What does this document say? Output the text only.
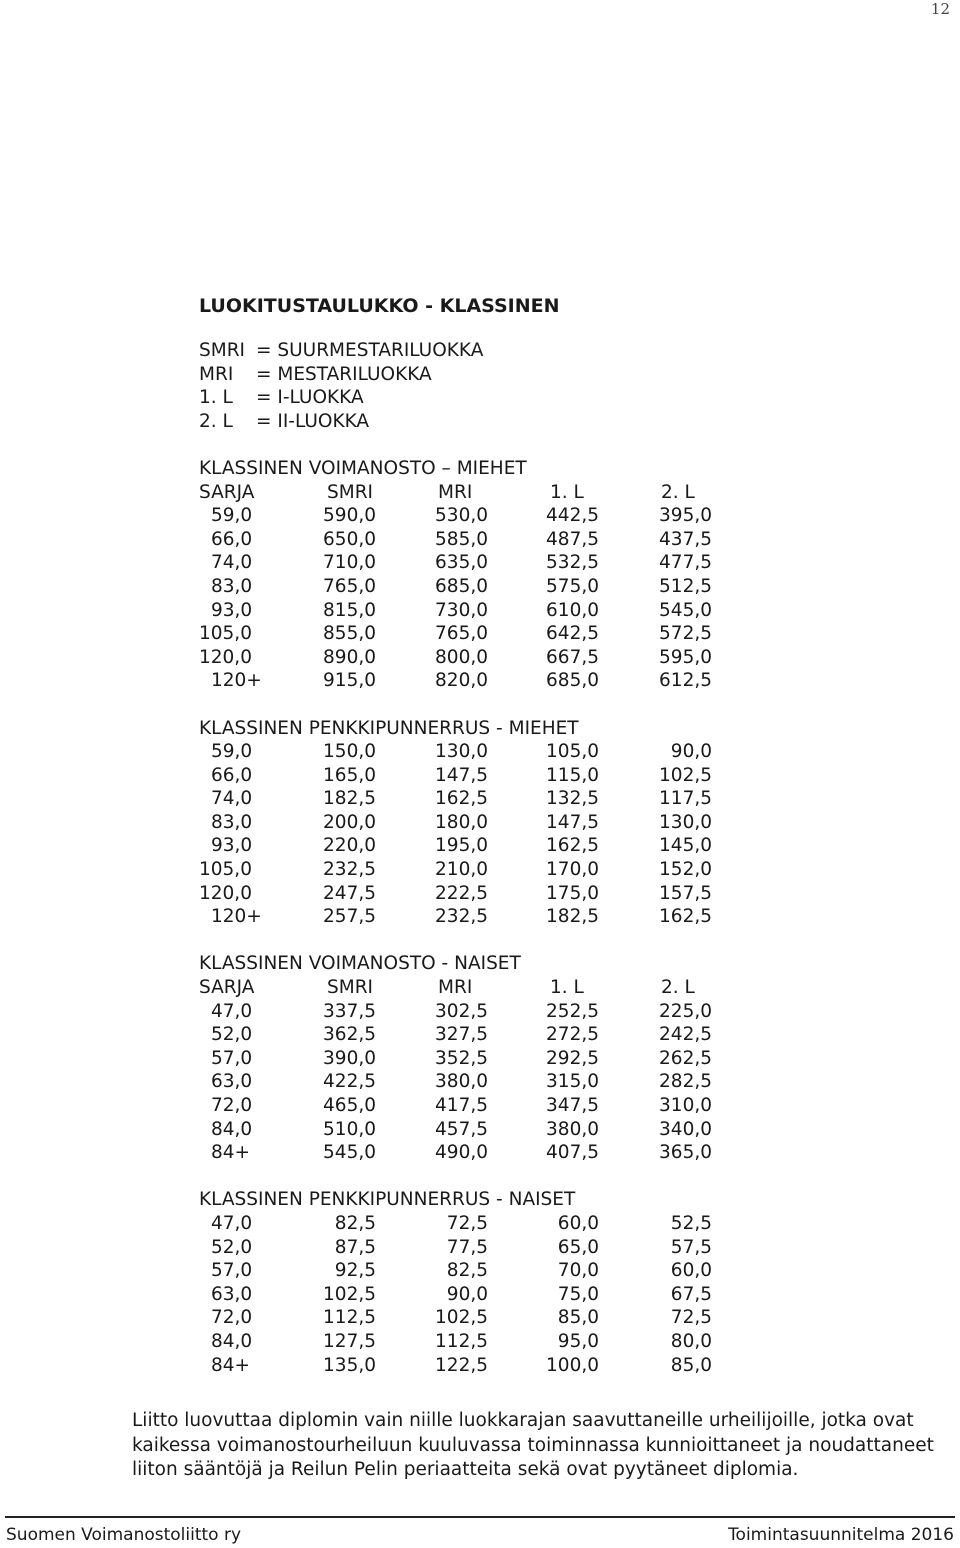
12
LUOKITUSTAULUKKO - KLASSINEN
SMRI = SUURMESTARILUOKKA
MRI = MESTARILUOKKA
1. L = I-LUOKKA
2. L = II-LUOKKA
KLASSINEN VOIMANOSTO – MIEHET
SARJA	SMRI	MRI	1. L	2. L
59,0	590,0	530,0	442,5	395,0
66,0	650,0	585,0	487,5	437,5
74,0	710,0	635,0	532,5	477,5
83,0	765,0	685,0	575,0	512,5
93,0	815,0	730,0	610,0	545,0
105,0	855,0	765,0	642,5	572,5
120,0	890,0	800,0	667,5	595,0
120+	915,0	820,0	685,0	612,5
KLASSINEN PENKKIPUNNERRUS - MIEHET
59,0	150,0	130,0	105,0	90,0
66,0	165,0	147,5	115,0	102,5
74,0	182,5	162,5	132,5	117,5
83,0	200,0	180,0	147,5	130,0
93,0	220,0	195,0	162,5	145,0
105,0	232,5	210,0	170,0	152,0
120,0	247,5	222,5	175,0	157,5
120+	257,5	232,5	182,5	162,5
KLASSINEN VOIMANOSTO - NAISET
SARJA	SMRI	MRI	1. L	2. L
47,0	337,5	302,5	252,5	225,0
52,0	362,5	327,5	272,5	242,5
57,0	390,0	352,5	292,5	262,5
63,0	422,5	380,0	315,0	282,5
72,0	465,0	417,5	347,5	310,0
84,0	510,0	457,5	380,0	340,0
84+	545,0	490,0	407,5	365,0
KLASSINEN PENKKIPUNNERRUS - NAISET
47,0	82,5	72,5	60,0	52,5
52,0	87,5	77,5	65,0	57,5
57,0	92,5	82,5	70,0	60,0
63,0	102,5	90,0	75,0	67,5
72,0	112,5	102,5	85,0	72,5
84,0	127,5	112,5	95,0	80,0
84+	135,0	122,5	100,0	85,0
Liitto luovuttaa diplomin vain niille luokkarajan saavuttaneille urheilijoille, jotka ovat kaikessa voimanostourheiluun kuuluvassa toiminnassa kunnioittaneet ja noudattaneet liiton sääntöjä ja Reilun Pelin periaatteita sekä ovat pyytäneet diplomia.
Suomen Voimanostoliitto ry	Toimintasuunnitelma 2016
